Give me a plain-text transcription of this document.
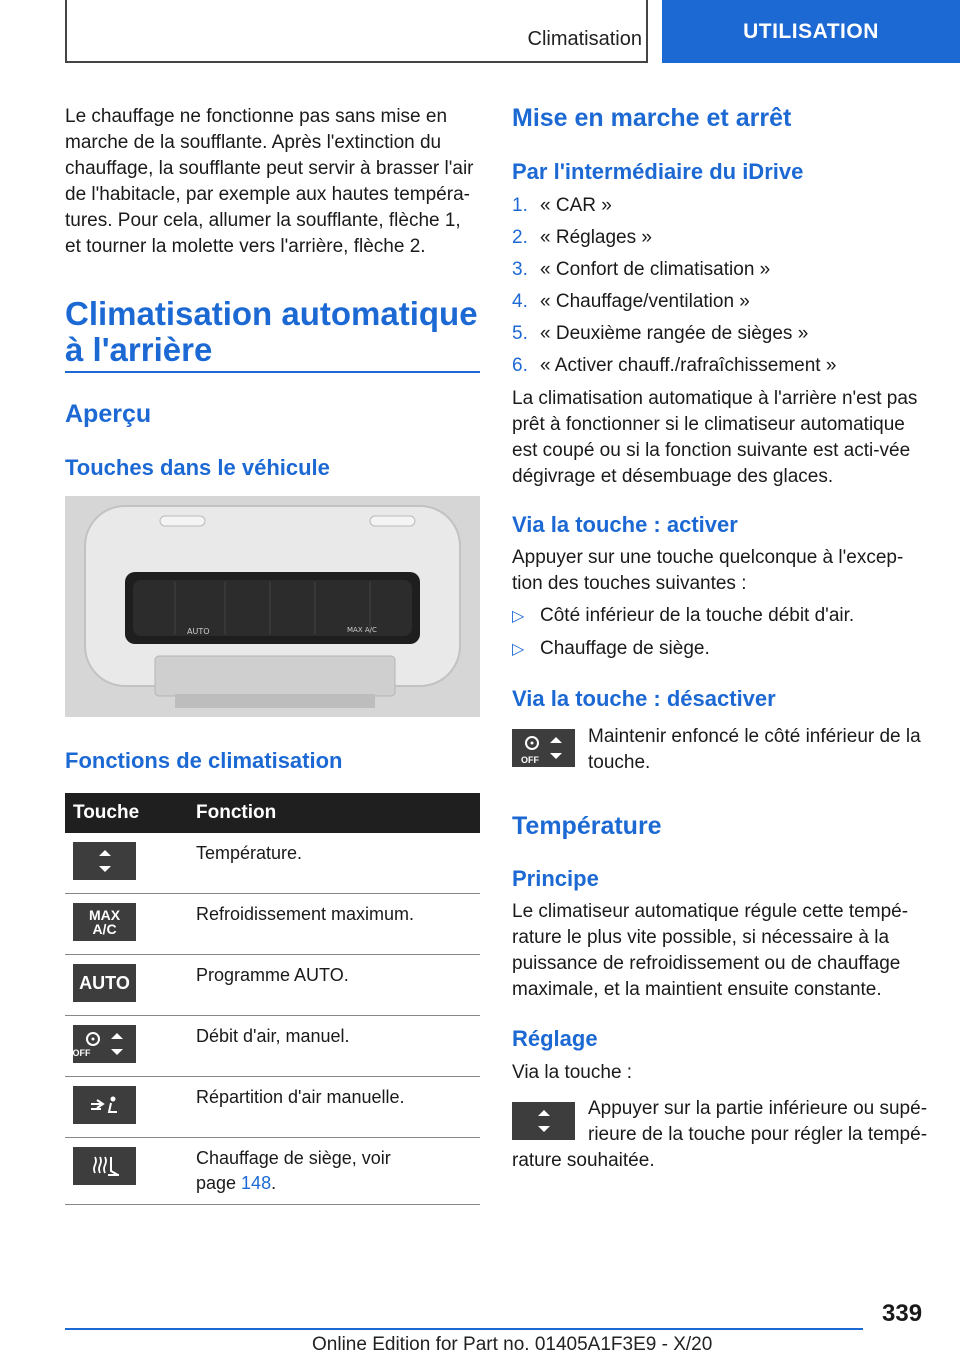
Climatisation	UTILISATION
Le chauffage ne fonctionne pas sans mise en marche de la soufflante. Après l'extinction du chauffage, la soufflante peut servir à brasser l'air de l'habitacle, par exemple aux hautes tempéra-tures. Pour cela, allumer la soufflante, flèche 1, et tourner la molette vers l'arrière, flèche 2.
Climatisation automatique
à l'arrière
Aperçu
Touches dans le véhicule
AUTO	MAX A/C
Fonctions de climatisation
Touche	Fonction

	Température.

MAX A/C	Refroidissement maximum.

AUTO	Programme AUTO.

OFF	Débit d'air, manuel.

	Répartition d'air manuelle.

	Chauffage de siège, voir
page 148.
Mise en marche et arrêt
Par l'intermédiaire du iDrive
1. « CAR »
2. « Réglages »
3. « Confort de climatisation »
4. « Chauffage/ventilation »
5. « Deuxième rangée de sièges »
6. « Activer chauff./rafraîchissement »
La climatisation automatique à l'arrière n'est pas prêt à fonctionner si le climatiseur automatique est coupé ou si la fonction suivante est acti-vée dégivrage et désembuage des glaces.
Via la touche : activer
Appuyer sur une touche quelconque à l'excep-tion des touches suivantes :
▷ Côté inférieur de la touche débit d'air.
▷ Chauffage de siège.
Via la touche : désactiver
OFF
Maintenir enfoncé le côté inférieur de la touche.
Température
Principe
Le climatiseur automatique régule cette tempé-rature le plus vite possible, si nécessaire à la puissance de refroidissement ou de chauffage maximale, et la maintient ensuite constante.
Réglage
Via la touche :
Appuyer sur la partie inférieure ou supé-rieure de la touche pour régler la tempé-
rature souhaitée.
339
Online Edition for Part no. 01405A1F3E9 - X/20
